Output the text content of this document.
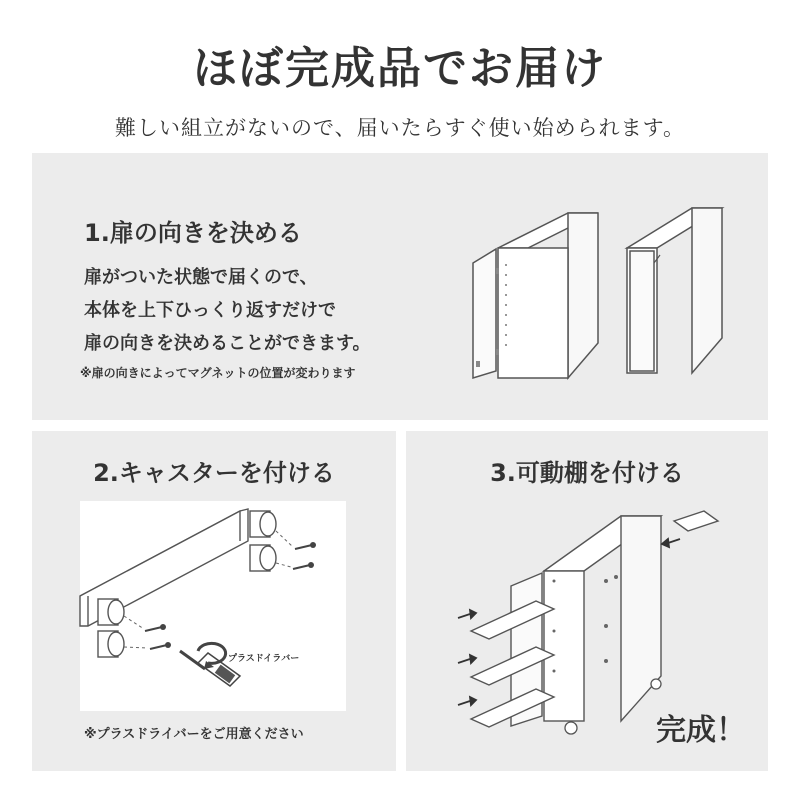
ほぼ完成品でお届け
難しい組立がないので、届いたらすぐ使い始められます。
1.扉の向きを決める
扉がついた状態で届くので、
本体を上下ひっくり返すだけで
扉の向きを決めることができます。
※扉の向きによってマグネットの位置が変わります
2.キャスターを付ける
プラスドイラバー
※プラスドライバーをご用意ください
3.可動棚を付ける
完成！
